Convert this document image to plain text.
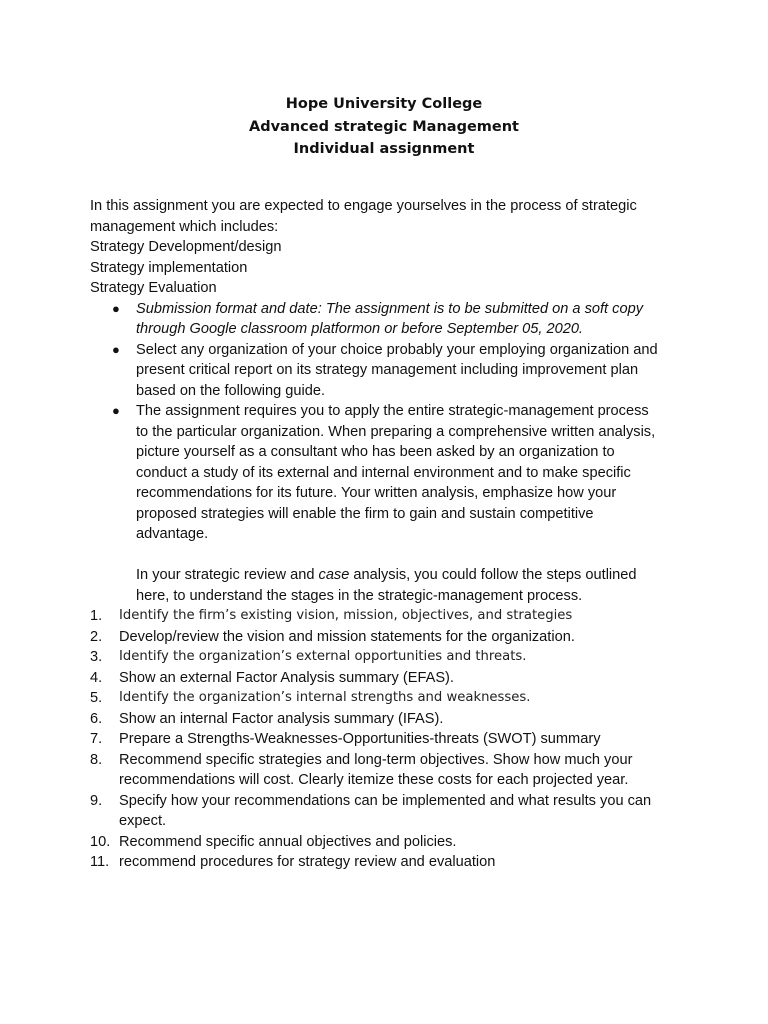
Hope University College
Advanced strategic Management
Individual assignment
In this assignment you are expected to engage yourselves in the process of strategic
management which includes:
Strategy Development/design
Strategy implementation
Strategy Evaluation
● Submission format and date: The assignment is to be submitted on a soft copy
through Google classroom platformon or before September 05, 2020.
● Select any organization of your choice probably your employing organization and
present critical report on its strategy management including improvement plan
based on the following guide.
● The assignment requires you to apply the entire strategic-management process
to the particular organization. When preparing a comprehensive written analysis,
picture yourself as a consultant who has been asked by an organization to
conduct a study of its external and internal environment and to make specific
recommendations for its future. Your written analysis, emphasize how your
proposed strategies will enable the firm to gain and sustain competitive
advantage.
In your strategic review and case analysis, you could follow the steps outlined
here, to understand the stages in the strategic-management process.
1. Identify the firm’s existing vision, mission, objectives, and strategies
2. Develop/review the vision and mission statements for the organization.
3. Identify the organization’s external opportunities and threats.
4. Show an external Factor Analysis summary (EFAS).
5. Identify the organization’s internal strengths and weaknesses.
6. Show an internal Factor analysis summary (IFAS).
7. Prepare a Strengths-Weaknesses-Opportunities-threats (SWOT) summary
8. Recommend specific strategies and long-term objectives. Show how much your
recommendations will cost. Clearly itemize these costs for each projected year.
9. Specify how your recommendations can be implemented and what results you can
expect.
10. Recommend specific annual objectives and policies.
11. recommend procedures for strategy review and evaluation
